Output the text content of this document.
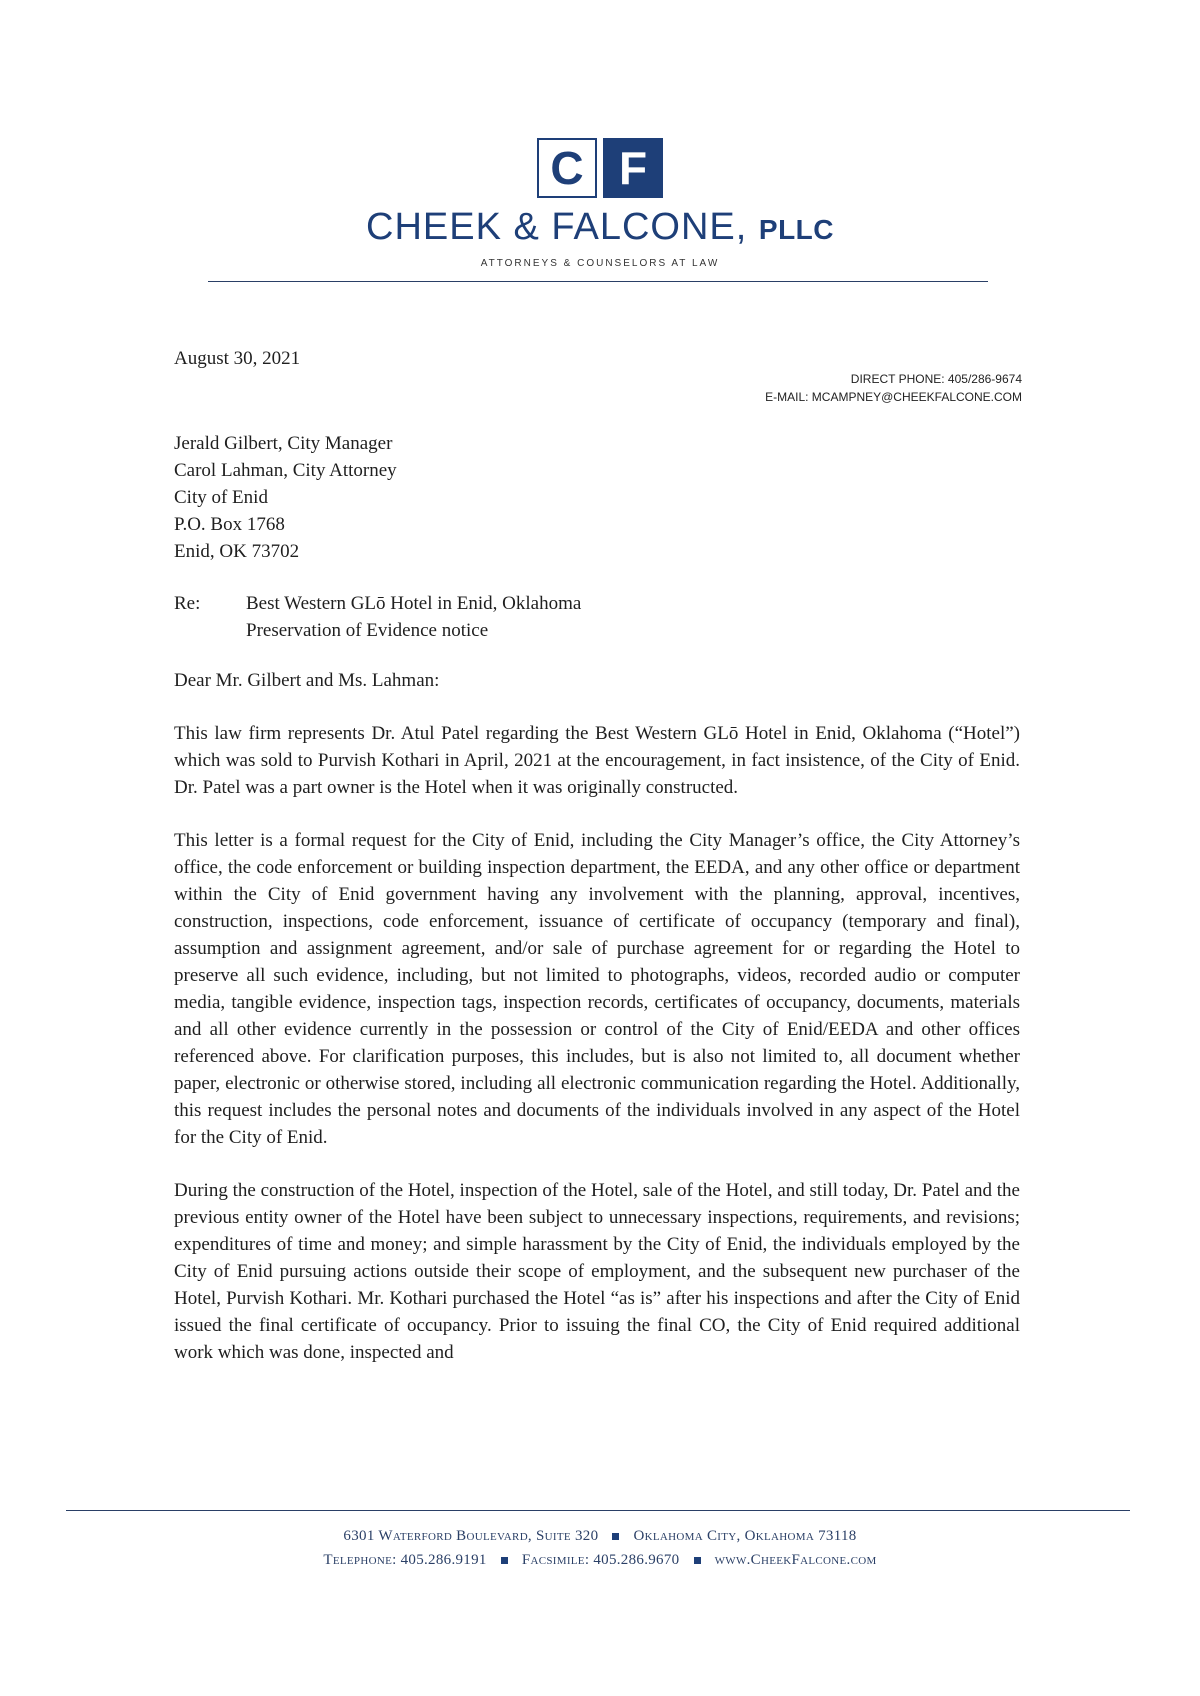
C F
CHEEK & FALCONE, PLLC
ATTORNEYS & COUNSELORS AT LAW
August 30, 2021
DIRECT PHONE: 405/286-9674
E-MAIL: MCAMPNEY@CHEEKFALCONE.COM
Jerald Gilbert, City Manager
Carol Lahman, City Attorney
City of Enid
P.O. Box 1768
Enid, OK 73702
Re:	Best Western GLō Hotel in Enid, Oklahoma
Preservation of Evidence notice
Dear Mr. Gilbert and Ms. Lahman:

This law firm represents Dr. Atul Patel regarding the Best Western GLō Hotel in Enid, Oklahoma (“Hotel”) which was sold to Purvish Kothari in April, 2021 at the encouragement, in fact insistence, of the City of Enid. Dr. Patel was a part owner is the Hotel when it was originally constructed.

This letter is a formal request for the City of Enid, including the City Manager’s office, the City Attorney’s office, the code enforcement or building inspection department, the EEDA, and any other office or department within the City of Enid government having any involvement with the planning, approval, incentives, construction, inspections, code enforcement, issuance of certificate of occupancy (temporary and final), assumption and assignment agreement, and/or sale of purchase agreement for or regarding the Hotel to preserve all such evidence, including, but not limited to photographs, videos, recorded audio or computer media, tangible evidence, inspection tags, inspection records, certificates of occupancy, documents, materials and all other evidence currently in the possession or control of the City of Enid/EEDA and other offices referenced above. For clarification purposes, this includes, but is also not limited to, all document whether paper, electronic or otherwise stored, including all electronic communication regarding the Hotel. Additionally, this request includes the personal notes and documents of the individuals involved in any aspect of the Hotel for the City of Enid.

During the construction of the Hotel, inspection of the Hotel, sale of the Hotel, and still today, Dr. Patel and the previous entity owner of the Hotel have been subject to unnecessary inspections, requirements, and revisions; expenditures of time and money; and simple harassment by the City of Enid, the individuals employed by the City of Enid pursuing actions outside their scope of employment, and the subsequent new purchaser of the Hotel, Purvish Kothari. Mr. Kothari purchased the Hotel “as is” after his inspections and after the City of Enid issued the final certificate of occupancy. Prior to issuing the final CO, the City of Enid required additional work which was done, inspected and

6301 Waterford Boulevard, Suite 320 Oklahoma City, Oklahoma 73118
Telephone: 405.286.9191 Facsimile: 405.286.9670 www.CheekFalcone.com
